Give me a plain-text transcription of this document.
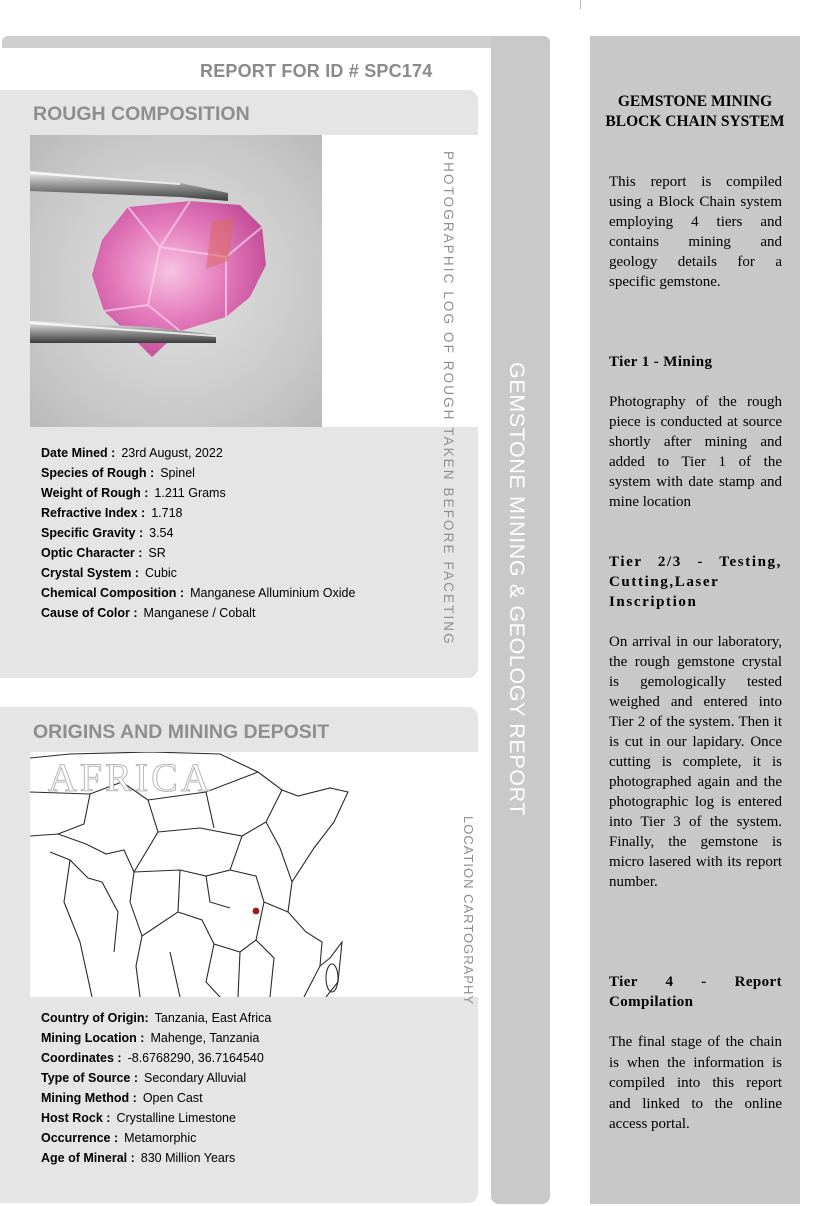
REPORT FOR ID # SPC174
ROUGH COMPOSITION
PHOTOGRAPHIC LOG OF ROUGH TAKEN BEFORE FACETING
Date Mined : 23rd August, 2022
Species of Rough : Spinel
Weight of Rough : 1.211 Grams
Refractive Index : 1.718
Specific Gravity : 3.54
Optic Character : SR
Crystal System : Cubic
Chemical Composition : Manganese Alluminium Oxide
Cause of Color : Manganese / Cobalt
ORIGINS AND MINING DEPOSIT
AFRICA
LOCATION CARTOGRAPHY
Country of Origin: Tanzania, East Africa
Mining Location : Mahenge, Tanzania
Coordinates : -8.6768290, 36.7164540
Type of Source : Secondary Alluvial
Mining Method : Open Cast
Host Rock : Crystalline Limestone
Occurrence : Metamorphic
Age of Mineral : 830 Million Years
GEMSTONE MINING & GEOLOGY REPORT
GEMSTONE MINING BLOCK CHAIN SYSTEM

This report is compiled using a Block Chain system employing 4 tiers and contains mining and geology details for a specific gemstone.

Tier 1 - Mining

Photography of the rough piece is conducted at source shortly after mining and added to Tier 1 of the system with date stamp and mine location

Tier 2/3 - Testing, Cutting,Laser Inscription

On arrival in our laboratory, the rough gemstone crystal is gemologically tested weighed and entered into Tier 2 of the system. Then it is cut in our lapidary. Once cutting is complete, it is photographed again and the photographic log is entered into Tier 3 of the system. Finally, the gemstone is micro lasered with its report number.

Tier 4 - Report Compilation

The final stage of the chain is when the information is compiled into this report and linked to the online access portal.
